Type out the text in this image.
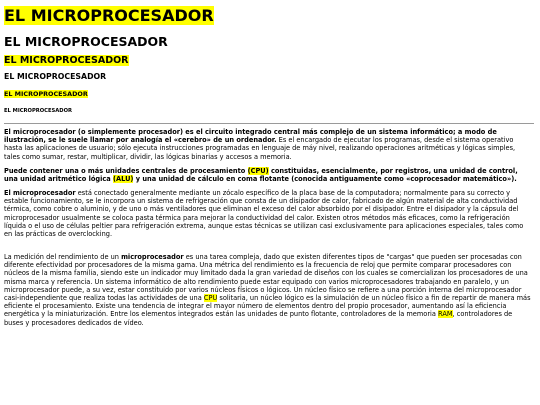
EL MICROPROCESADOR
EL MICROPROCESADOR
EL MICROPROCESADOR
EL MICROPROCESADOR
EL MICROPROCESADOR
EL MICROPROCESADOR

El microprocesador (o simplemente procesador) es el circuito integrado central más complejo de un sistema informático; a modo de ilustración, se le suele llamar por analogía el «cerebro» de un ordenador. Es el encargado de ejecutar los programas, desde el sistema operativo hasta las aplicaciones de usuario; sólo ejecuta instrucciones programadas en lenguaje de máy nivel, realizando operaciones aritméticas y lógicas simples, tales como sumar, restar, multiplicar, dividir, las lógicas binarias y accesos a memoria.

Puede contener una o más unidades centrales de procesamiento (CPU) constituidas, esencialmente, por registros, una unidad de control, una unidad aritmético lógica (ALU) y una unidad de cálculo en coma flotante (conocida antiguamente como «coprocesador matemático»).

El microprocesador está conectado generalmente mediante un zócalo específico de la placa base de la computadora; normalmente para su correcto y estable funcionamiento, se le incorpora un sistema de refrigeración que consta de un disipador de calor, fabricado de algún material de alta conductividad térmica, como cobre o aluminio, y de uno o más ventiladores que eliminan el exceso del calor absorbido por el disipador. Entre el disipador y la cápsula del microprocesador usualmente se coloca pasta térmica para mejorar la conductividad del calor. Existen otros métodos más eficaces, como la refrigeración líquida o el uso de células peltier para refrigeración extrema, aunque estas técnicas se utilizan casi exclusivamente para aplicaciones especiales, tales como en las prácticas de overclocking.

La medición del rendimiento de un microprocesador es una tarea compleja, dado que existen diferentes tipos de "cargas" que pueden ser procesadas con diferente efectividad por procesadores de la misma gama. Una métrica del rendimiento es la frecuencia de reloj que permite comparar procesadores con núcleos de la misma familia, siendo este un indicador muy limitado dada la gran variedad de diseños con los cuales se comercializan los procesadores de una misma marca y referencia. Un sistema informático de alto rendimiento puede estar equipado con varios microprocesadores trabajando en paralelo, y un microprocesador puede, a su vez, estar constituido por varios núcleos físicos o lógicos. Un núcleo físico se refiere a una porción interna del microprocesador casi-independiente que realiza todas las actividades de una CPU solitaria, un núcleo lógico es la simulación de un núcleo físico a fin de repartir de manera más eficiente el procesamiento. Existe una tendencia de integrar el mayor número de elementos dentro del propio procesador, aumentando así la eficiencia energética y la miniaturización. Entre los elementos integrados están las unidades de punto flotante, controladores de la memoria RAM, controladores de buses y procesadores dedicados de vídeo.
